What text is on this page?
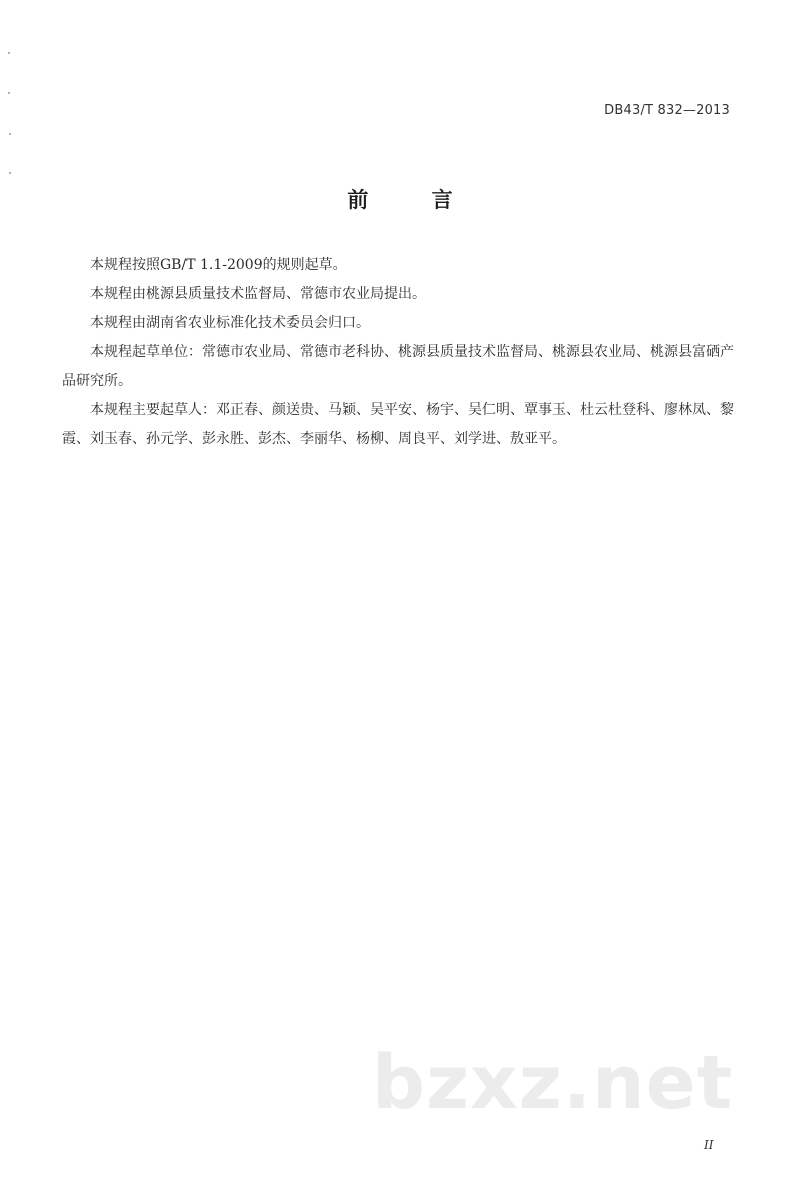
DB43/T 832—2013
前 言

本规程按照GB/T 1.1-2009的规则起草。

本规程由桃源县质量技术监督局、常德市农业局提出。

本规程由湖南省农业标准化技术委员会归口。

本规程起草单位：常德市农业局、常德市老科协、桃源县质量技术监督局、桃源县农业局、桃源县富硒产品研究所。

本规程主要起草人：邓正春、颜送贵、马颖、吴平安、杨宇、吴仁明、覃事玉、杜云杜登科、廖林凤、黎霞、刘玉春、孙元学、彭永胜、彭杰、李丽华、杨柳、周良平、刘学进、敖亚平。

bzxz.net
II
